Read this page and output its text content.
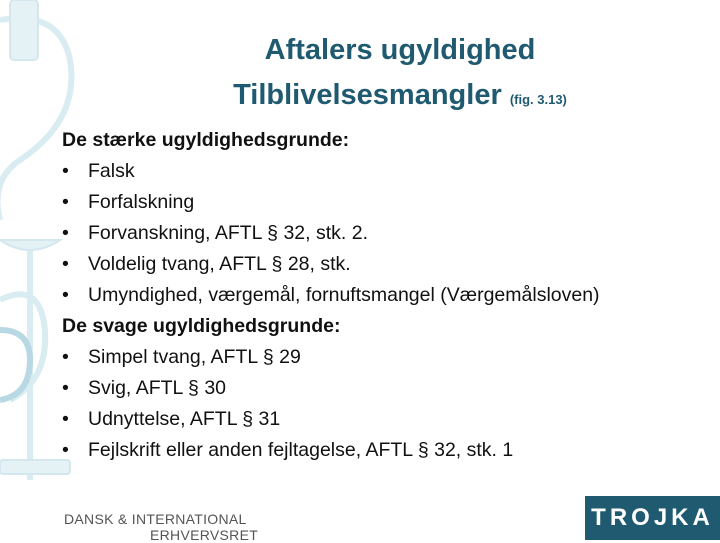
Aftalers ugyldighed
Tilblivelsesmangler (fig. 3.13)
De stærke ugyldighedsgrunde:
• Falsk
• Forfalskning
• Forvanskning, AFTL § 32, stk. 2.
• Voldelig tvang, AFTL § 28, stk.
• Umyndighed, værgemål, fornuftsmangel (Værgemålsloven)
De svage ugyldighedsgrunde:
• Simpel tvang, AFTL § 29
• Svig, AFTL § 30
• Udnyttelse, AFTL § 31
• Fejlskrift eller anden fejltagelse, AFTL § 32, stk. 1
DANSK & INTERNATIONAL
ERHVERVSRET
TROJKA
